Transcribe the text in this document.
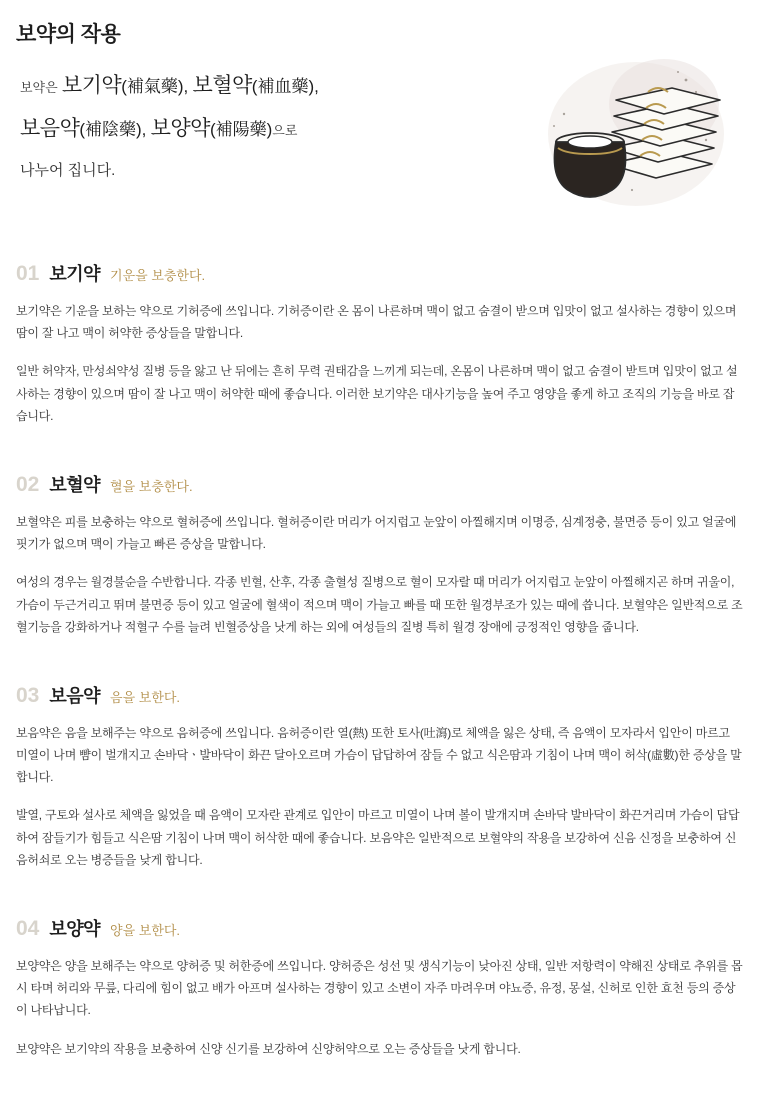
보약의 작용
보약은 보기약(補氣藥), 보혈약(補血藥),
보음약(補陰藥), 보양약(補陽藥)으로
나누어 집니다.
01 보기약 기운을 보충한다.

보기약은 기운을 보하는 약으로 기허증에 쓰입니다. 기허증이란 온 몸이 나른하며 맥이 없고 숨결이 받으며 입맛이 없고 설사하는 경향이 있으며 땀이 잘 나고 맥이 허약한 증상들을 말합니다.

일반 허약자, 만성쇠약성 질병 등을 앓고 난 뒤에는 흔히 무력 권태감을 느끼게 되는데, 온몸이 나른하며 맥이 없고 숨결이 받트며 입맛이 없고 설사하는 경향이 있으며 땀이 잘 나고 맥이 허약한 때에 좋습니다. 이러한 보기약은 대사기능을 높여 주고 영양을 좋게 하고 조직의 기능을 바로 잡습니다.

02 보혈약 혈을 보충한다.

보혈약은 피를 보충하는 약으로 혈허증에 쓰입니다. 혈허증이란 머리가 어지럽고 눈앞이 아찔해지며 이명증, 심계정충, 불면증 등이 있고 얼굴에 핏기가 없으며 맥이 가늘고 빠른 증상을 말합니다.

여성의 경우는 월경불순을 수반합니다. 각종 빈혈, 산후, 각종 출혈성 질병으로 혈이 모자랄 때 머리가 어지럽고 눈앞이 아찔해지곤 하며 귀울이, 가슴이 두근거리고 뛰며 불면증 등이 있고 얼굴에 혈색이 적으며 맥이 가늘고 빠를 때 또한 월경부조가 있는 때에 씁니다. 보혈약은 일반적으로 조혈기능을 강화하거나 적혈구 수를 늘려 빈혈증상을 낫게 하는 외에 여성들의 질병 특히 월경 장애에 긍정적인 영향을 줍니다.

03 보음약 음을 보한다.

보음약은 음을 보해주는 약으로 음허증에 쓰입니다. 음허증이란 열(熱) 또한 토사(吐瀉)로 체액을 잃은 상태, 즉 음액이 모자라서 입안이 마르고 미열이 나며 뺨이 벌개지고 손바닥ㆍ발바닥이 화끈 달아오르며 가슴이 답답하여 잠들 수 없고 식은땀과 기침이 나며 맥이 허삭(虛數)한 증상을 말합니다.

발열, 구토와 설사로 체액을 잃었을 때 음액이 모자란 관계로 입안이 마르고 미열이 나며 볼이 발개지며 손바닥 발바닥이 화끈거리며 가슴이 답답하여 잠들기가 힘들고 식은땀 기침이 나며 맥이 허삭한 때에 좋습니다. 보음약은 일반적으로 보혈약의 작용을 보강하여 신음 신정을 보충하여 신음허쇠로 오는 병증들을 낮게 합니다.

04 보양약 양을 보한다.

보양약은 양을 보해주는 약으로 양허증 및 허한증에 쓰입니다. 양허증은 성선 및 생식기능이 낮아진 상태, 일반 저항력이 약해진 상태로 추위를 몹시 타며 허리와 무릎, 다리에 힘이 없고 배가 아프며 설사하는 경향이 있고 소변이 자주 마려우며 야뇨증, 유정, 몽설, 신허로 인한 효천 등의 증상이 나타납니다.

보양약은 보기약의 작용을 보충하여 신양 신기를 보강하여 신양허약으로 오는 증상들을 낫게 합니다.
